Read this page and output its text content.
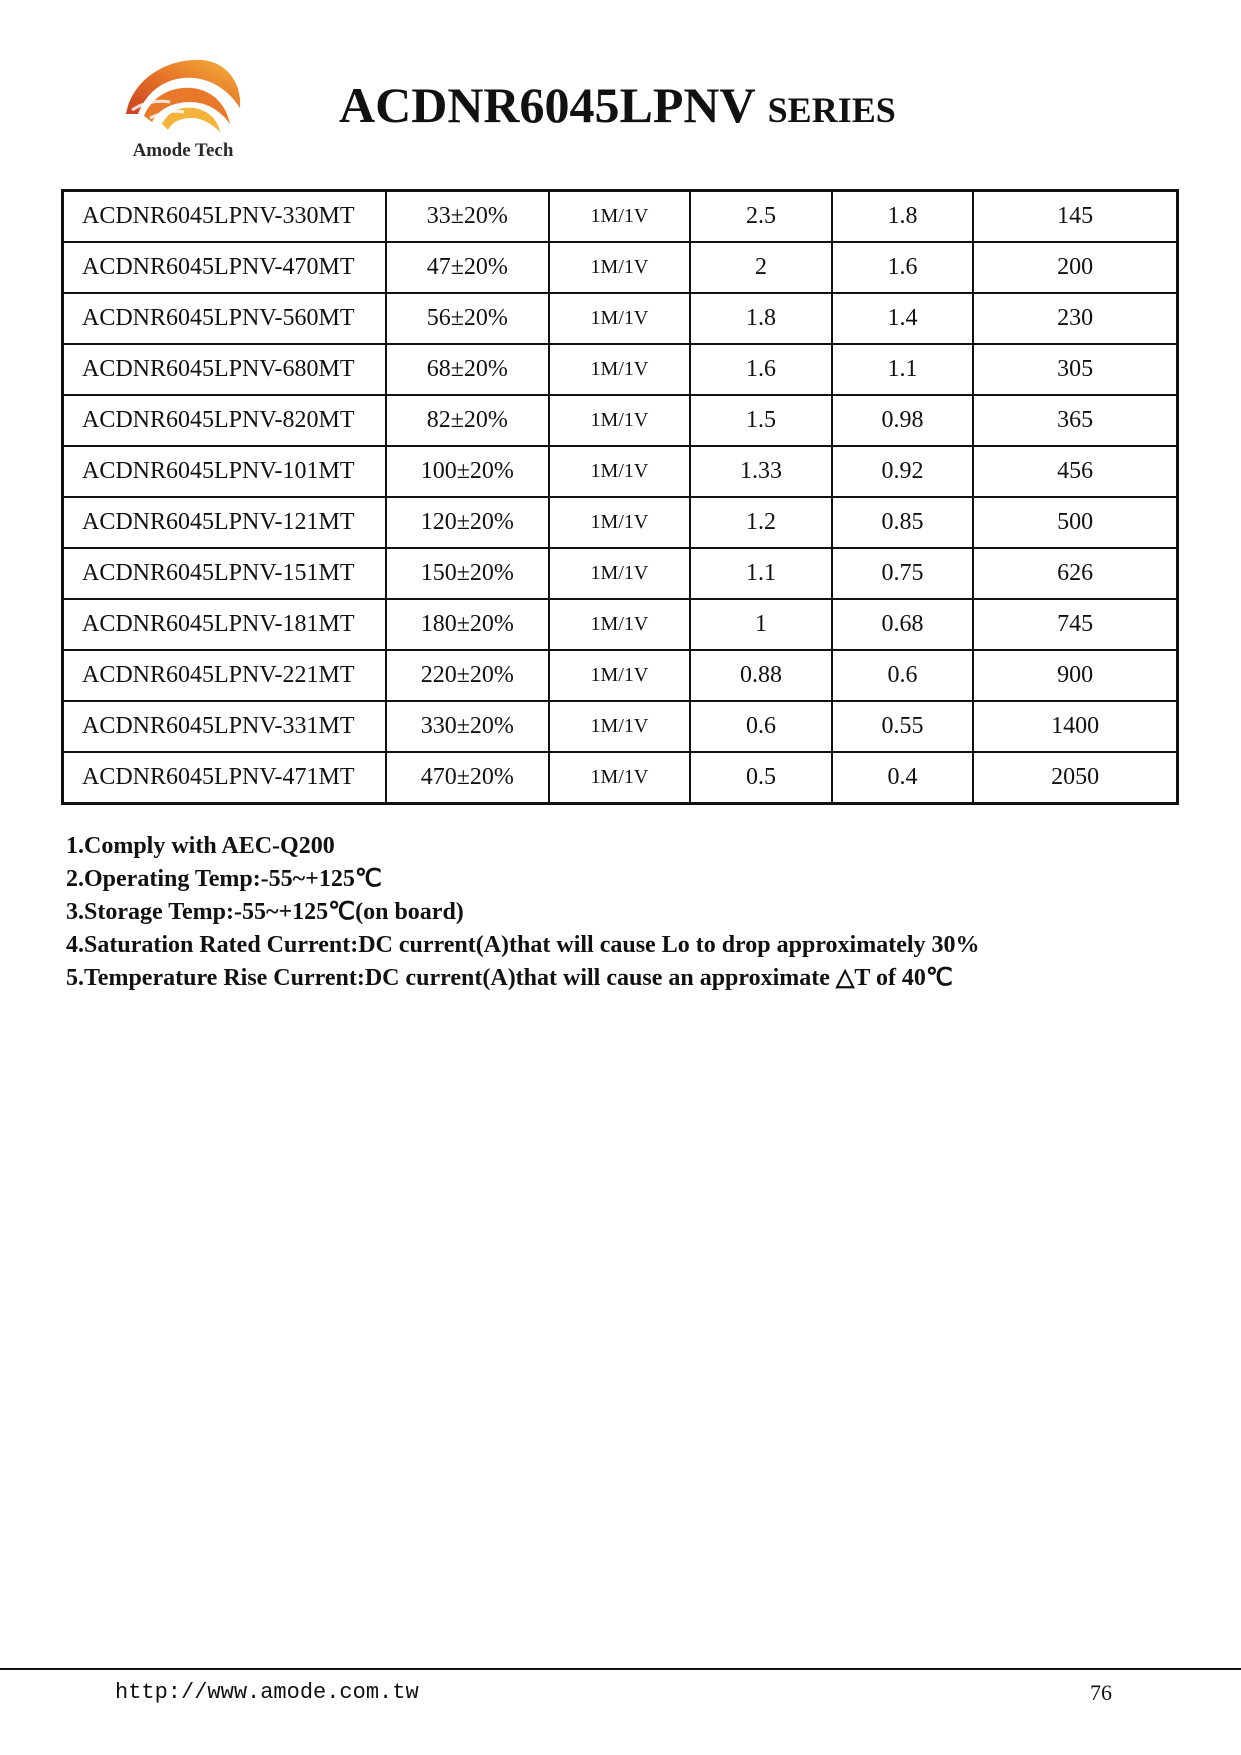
Amode Tech
ACDNR6045LPNV SERIES
ACDNR6045LPNV-330MT	33±20%	1M/1V	2.5	1.8	145
ACDNR6045LPNV-470MT	47±20%	1M/1V	2	1.6	200
ACDNR6045LPNV-560MT	56±20%	1M/1V	1.8	1.4	230
ACDNR6045LPNV-680MT	68±20%	1M/1V	1.6	1.1	305
ACDNR6045LPNV-820MT	82±20%	1M/1V	1.5	0.98	365
ACDNR6045LPNV-101MT	100±20%	1M/1V	1.33	0.92	456
ACDNR6045LPNV-121MT	120±20%	1M/1V	1.2	0.85	500
ACDNR6045LPNV-151MT	150±20%	1M/1V	1.1	0.75	626
ACDNR6045LPNV-181MT	180±20%	1M/1V	1	0.68	745
ACDNR6045LPNV-221MT	220±20%	1M/1V	0.88	0.6	900
ACDNR6045LPNV-331MT	330±20%	1M/1V	0.6	0.55	1400
ACDNR6045LPNV-471MT	470±20%	1M/1V	0.5	0.4	2050
1.Comply with AEC-Q200
2.Operating Temp:-55~+125℃
3.Storage Temp:-55~+125℃(on board)
4.Saturation Rated Current:DC current(A)that will cause Lo to drop approximately 30%
5.Temperature Rise Current:DC current(A)that will cause an approximate △T of 40℃
http://www.amode.com.tw	76
